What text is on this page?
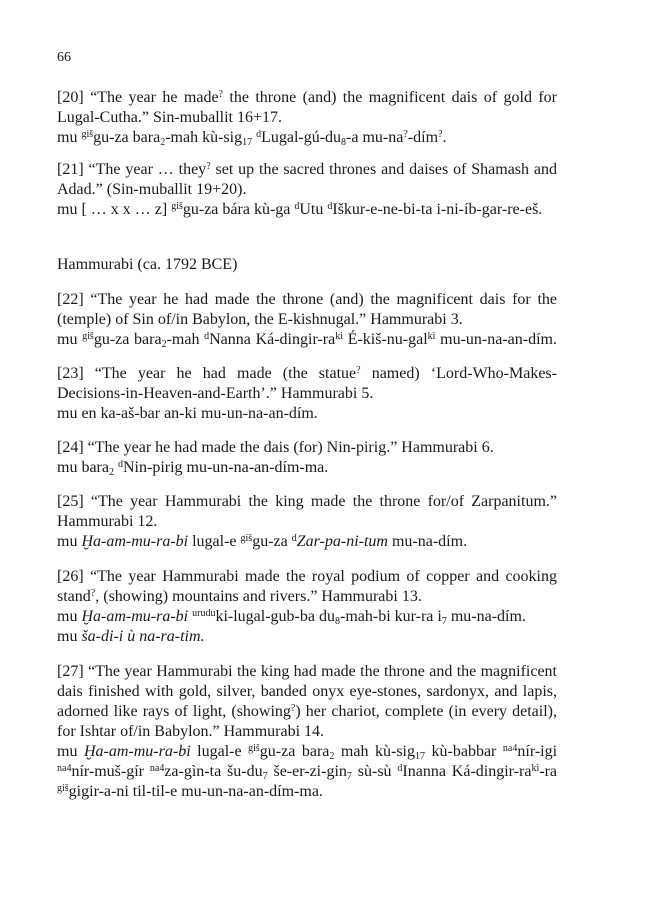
66
[20] “The year he made? the throne (and) the magnificent dais of gold for
Lugal-Cutha.” Sin-muballit 16+17.
mu $^{giš}$gu-za bara$_2$-mah kù-sig$_{17}$ $^dLugal-gú-du_8-a$ mu-na?-dím?.
[21] “The year … they? set up the sacred thrones and daises of Shamash and
Adad.” (Sin-muballit 19+20).
mu [ … x x … z] $^{giš}$gu-za bára kù-ga $^d$Utu $^d$Iškur-e-ne-bi-ta i-ni-íb-gar-re-eš.
Hammurabi (ca. 1792 BCE)
[22] “The year he had made the throne (and) the magnificent dais for the
(temple) of Sin of/in Babylon, the E-kishnugal.” Hammurabi 3.
mu $^{giš}$gu-za bara$_2$-mah $^d$Nanna $Ká-dingir-ra^{ki}$ É-kiš-nu-gal$^{ki}$ mu-un-na-an-dím.
[23] “The year he had made (the statue? named) ‘Lord-Who-Makes-
Decisions-in-Heaven-and-Earth’.” Hammurabi 5.
mu en ka-aš-bar an-ki mu-un-na-an-dím.
[24] “The year he had made the dais (for) Nin-pirig.” Hammurabi 6.
mu bara$_2$ $^d$Nin-pirig mu-un-na-an-dím-ma.
[25] “The year Hammurabi the king made the throne for/of Zarpanitum.”
Hammurabi 12.
mu Ḫa-am-mu-ra-bi lugal-e $^{giš}$gu-za $^d$Zar-pa-ni-tum mu-na-dím.
[26] “The year Hammurabi made the royal podium of copper and cooking
stand?, (showing) mountains and rivers.” Hammurabi 13.
mu Ḫa-am-mu-ra-bi $^{urudu}$ki-lugal-gub-ba $du_8-mah-bi$ kur-ra $i_7$ mu-na-dím.
mu ša-di-i ù na-ra-tim.
[27] “The year Hammurabi the king had made the throne and the magnificent
dais finished with gold, silver, banded onyx eye-stones, sardonyx, and lapis,
adorned like rays of light, (showing?) her chariot, complete (in every detail),
for Ishtar of/in Babylon.” Hammurabi 14.
mu Ḫa-am-mu-ra-bi lugal-e $^{giš}$gu-za bara$_2$ mah kù-sig$_{17}$ kù-babbar $^{na4}$nír-igi
$^{na4}$nír-muš-gír $^{na4}$za-gìn-ta $šu-du_7$ še-er-zi-gin$_7$ sù-sù $^d$Inanna $Ká-dingir-ra^{ki}-ra$
$^{giš}$gigir-a-ni til-til-e mu-un-na-an-dím-ma.
